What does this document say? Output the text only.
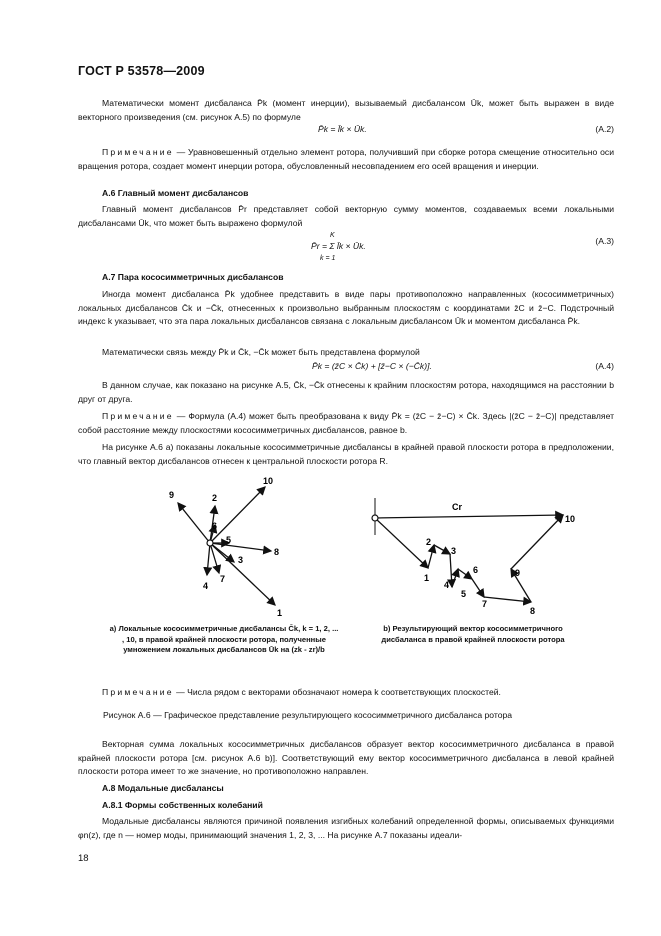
ГОСТ Р 53578—2009
Математически момент дисбаланса P̄k (момент инерции), вызываемый дисбалансом Ūk, может быть выражен в виде векторного произведения (см. рисунок А.5) по формуле
P̄k = l̄k × Ūk.	(А.2)
Примечание — Уравновешенный отдельно элемент ротора, получивший при сборке ротора смещение относительно оси вращения ротора, создает момент инерции ротора, обусловленный несовпадением его осей вращения и инерции.
А.6 Главный момент дисбалансов
Главный момент дисбалансов P̄r представляет собой векторную сумму моментов, создаваемых всеми локальными дисбалансами Ūk, что может быть выражено формулой
K
P̄r = Σ l̄k × Ūk.
k = 1
(А.3)
А.7 Пара кососимметричных дисбалансов
Иногда момент дисбаланса P̄k удобнее представить в виде пары противоположно направленных (кососимметричных) локальных дисбалансов C̄k и −C̄k, отнесенных к произвольно выбранным плоскостям с координатами z̄C и z̄−C. Подстрочный индекс k указывает, что эта пара локальных дисбалансов связана с локальным дисбалансом Ūk и моментом дисбаланса P̄k.
Математически связь между P̄k и C̄k, −C̄k может быть представлена формулой
P̄k = (z̄C × C̄k) + [z̄−C × (−C̄k)].	(А.4)
В данном случае, как показано на рисунке А.5, C̄k, −C̄k отнесены к крайним плоскостям ротора, находящимся на расстоянии b друг от друга.
Примечание — Формула (А.4) может быть преобразована к виду P̄k = (z̄C − z̄−C) × C̄k. Здесь |(z̄C − z̄−C)| представляет собой расстояние между плоскостями кососимметричных дисбалансов, равное b.
На рисунке А.6 a) показаны локальные кососимметричные дисбалансы в крайней правой плоскости ротора в предположении, что главный вектор дисбалансов отнесен к центральной плоскости ротора R.
9	2
10
6
5
8
3
7
4
1
Cr
10
1
2
3
4
6
5
7
9
8
a) Локальные кососимметричные дисбалансы C̄k, k = 1, 2, ... , 10, в правой крайней плоскости ротора, полученные умножением локальных дисбалансов Ūk на (zk - zr)/b
b) Результирующий вектор кососимметричного дисбаланса в правой крайней плоскости ротора
Примечание — Числа рядом с векторами обозначают номера k соответствующих плоскостей.
Рисунок А.6 — Графическое представление результирующего кососимметричного дисбаланса ротора
Векторная сумма локальных кососимметричных дисбалансов образует вектор кососимметричного дисбаланса в правой крайней плоскости ротора [см. рисунок А.6 b)]. Соответствующий ему вектор кососимметричного дисбаланса в левой крайней плоскости ротора имеет то же значение, но противоположно направлен.
А.8 Модальные дисбалансы
А.8.1 Формы собственных колебаний
Модальные дисбалансы являются причиной появления изгибных колебаний определенной формы, описываемых функциями φn(z), где n — номер моды, принимающий значения 1, 2, 3, ... На рисунке А.7 показаны идеали-
18
